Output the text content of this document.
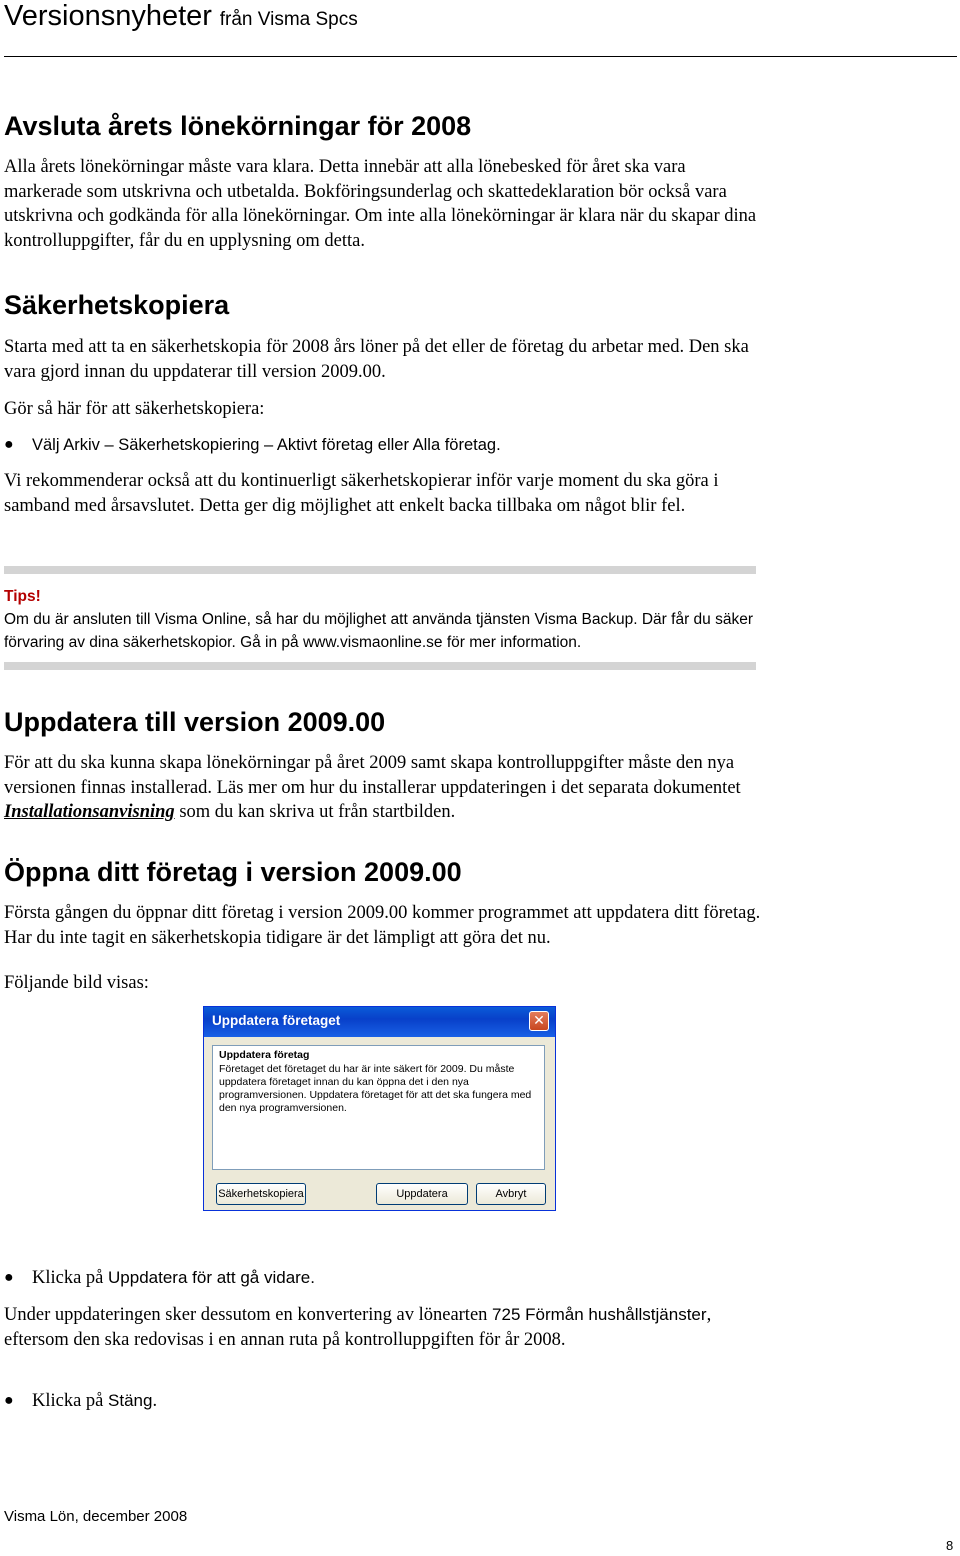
Versionsnyheter från Visma Spcs
Avsluta årets lönekörningar för 2008
Alla årets lönekörningar måste vara klara. Detta innebär att alla lönebesked för året ska vara markerade som utskrivna och utbetalda. Bokföringsunderlag och skattedeklaration bör också vara utskrivna och godkända för alla lönekörningar. Om inte alla lönekörningar är klara när du skapar dina kontrolluppgifter, får du en upplysning om detta.
Säkerhetskopiera
Starta med att ta en säkerhetskopia för 2008 års löner på det eller de företag du arbetar med. Den ska vara gjord innan du uppdaterar till version 2009.00.
Gör så här för att säkerhetskopiera:
● Välj Arkiv – Säkerhetskopiering – Aktivt företag eller Alla företag.
Vi rekommenderar också att du kontinuerligt säkerhetskopierar inför varje moment du ska göra i samband med årsavslutet. Detta ger dig möjlighet att enkelt backa tillbaka om något blir fel.
Tips!
Om du är ansluten till Visma Online, så har du möjlighet att använda tjänsten Visma Backup. Där får du säker förvaring av dina säkerhetskopior. Gå in på www.vismaonline.se för mer information.
Uppdatera till version 2009.00
För att du ska kunna skapa lönekörningar på året 2009 samt skapa kontrolluppgifter måste den nya versionen finnas installerad. Läs mer om hur du installerar uppdateringen i det separata dokumentet Installationsanvisning som du kan skriva ut från startbilden.
Öppna ditt företag i version 2009.00
Första gången du öppnar ditt företag i version 2009.00 kommer programmet att uppdatera ditt företag. Har du inte tagit en säkerhetskopia tidigare är det lämpligt att göra det nu.
Följande bild visas:
Uppdatera företaget	✕
Uppdatera företag
Företaget det företaget du har är inte säkert för 2009. Du måste uppdatera företaget innan du kan öppna det i den nya programversionen. Uppdatera företaget för att det ska fungera med den nya programversionen.
Säkerhetskopiera	Uppdatera	Avbryt
● Klicka på Uppdatera för att gå vidare.
Under uppdateringen sker dessutom en konvertering av lönearten 725 Förmån hushållstjänster, eftersom den ska redovisas i en annan ruta på kontrolluppgiften för år 2008.
● Klicka på Stäng.
Visma Lön, december 2008
8
